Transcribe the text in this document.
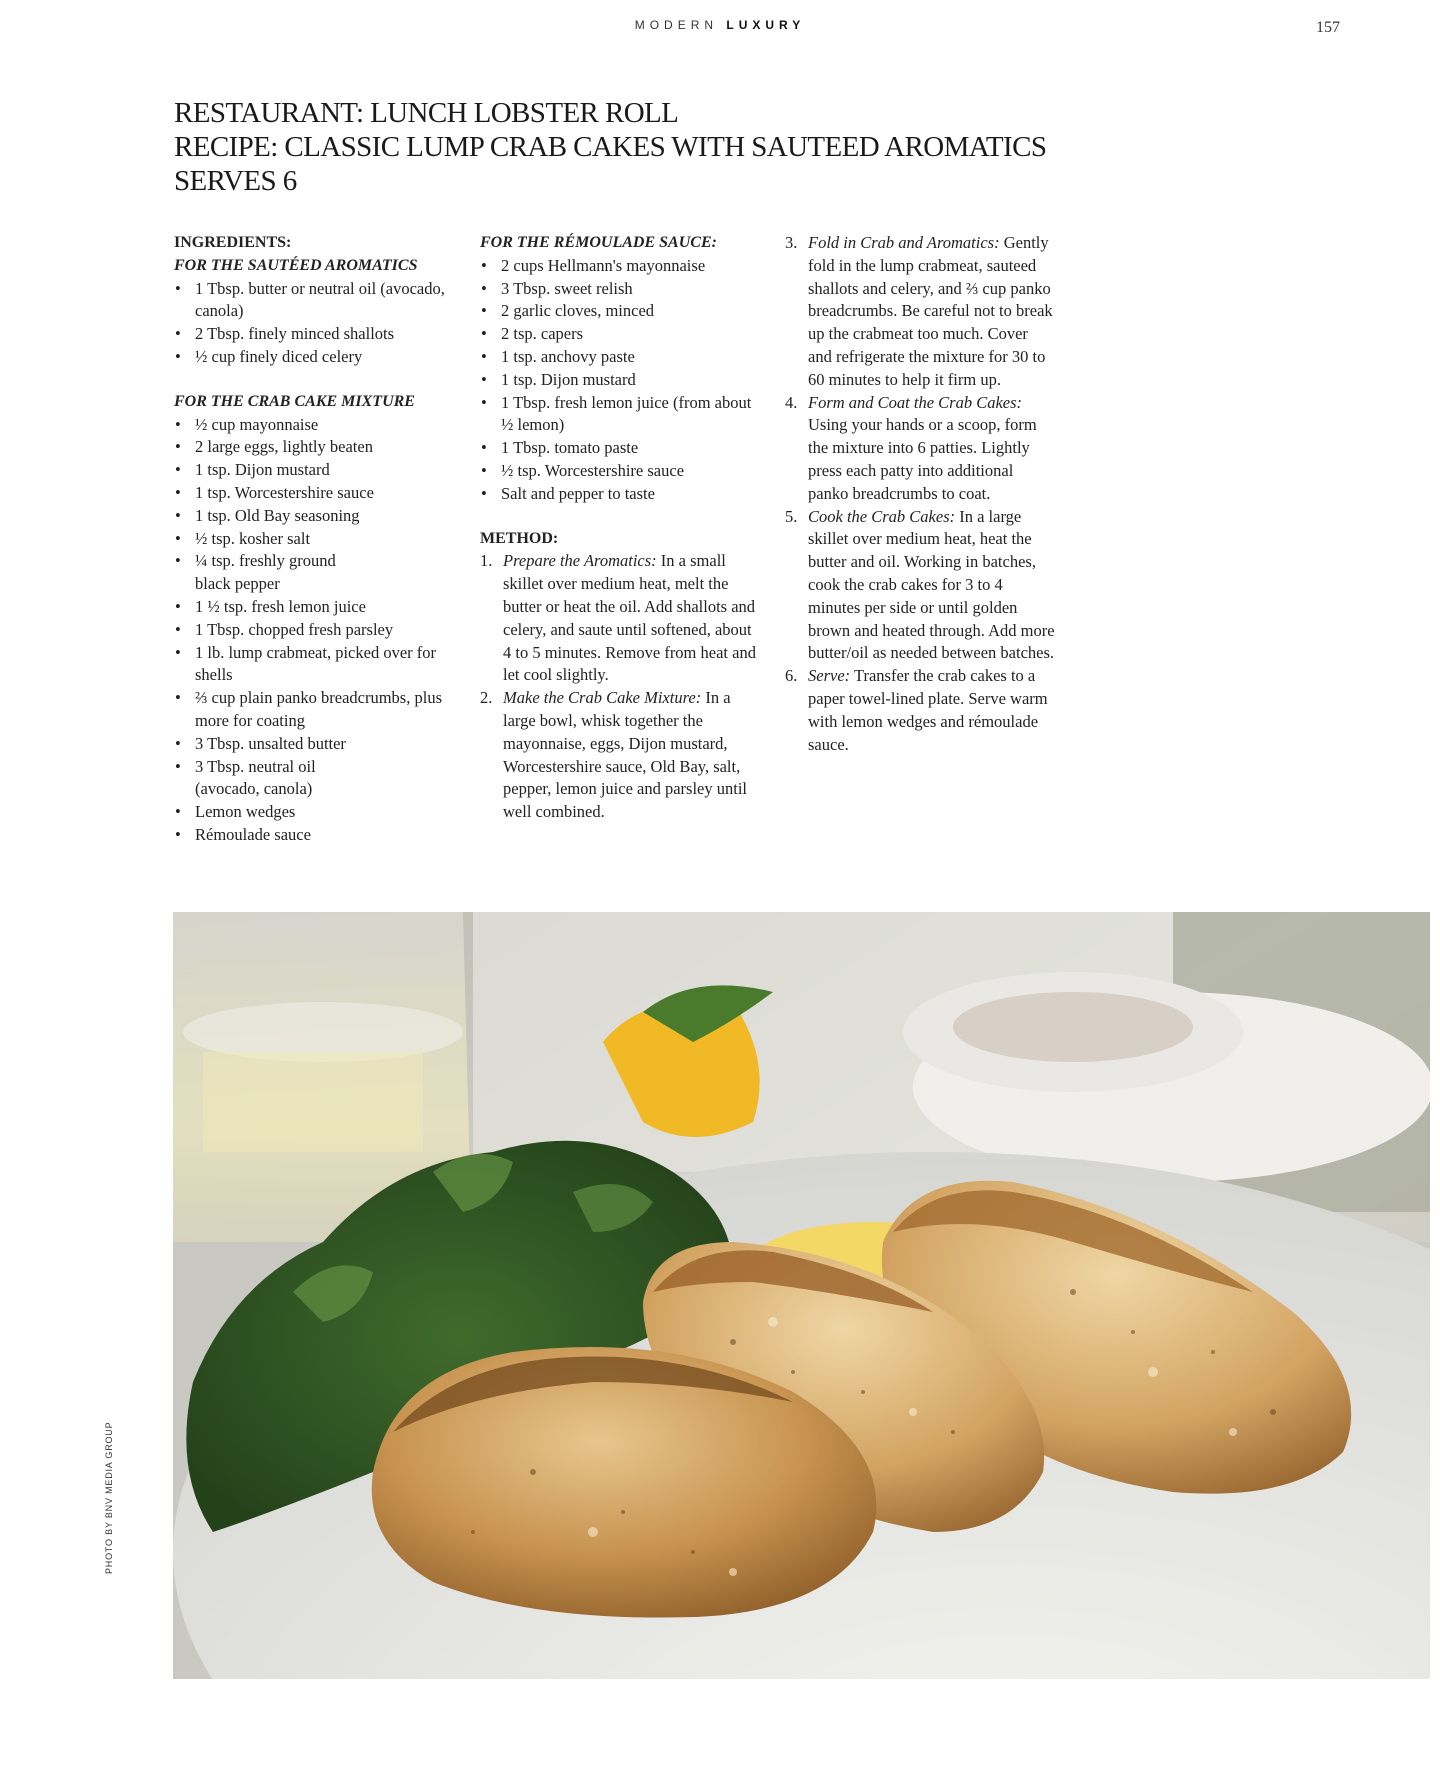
MODERN LUXURY	157
RESTAURANT: LUNCH LOBSTER ROLL
RECIPE: CLASSIC LUMP CRAB CAKES WITH SAUTEED AROMATICS
SERVES 6
INGREDIENTS:
FOR THE SAUTÉED AROMATICS
• 1 Tbsp. butter or neutral oil (avocado, canola)
• 2 Tbsp. finely minced shallots
• ½ cup finely diced celery
FOR THE CRAB CAKE MIXTURE
• ½ cup mayonnaise
• 2 large eggs, lightly beaten
• 1 tsp. Dijon mustard
• 1 tsp. Worcestershire sauce
• 1 tsp. Old Bay seasoning
• ½ tsp. kosher salt
• ¼ tsp. freshly ground black pepper
• 1 ½ tsp. fresh lemon juice
• 1 Tbsp. chopped fresh parsley
• 1 lb. lump crabmeat, picked over for shells
• ⅔ cup plain panko breadcrumbs, plus more for coating
• 3 Tbsp. unsalted butter
• 3 Tbsp. neutral oil (avocado, canola)
• Lemon wedges
• Rémoulade sauce
FOR THE RÉMOULADE SAUCE:
• 2 cups Hellmann's mayonnaise
• 3 Tbsp. sweet relish
• 2 garlic cloves, minced
• 2 tsp. capers
• 1 tsp. anchovy paste
• 1 tsp. Dijon mustard
• 1 Tbsp. fresh lemon juice (from about ½ lemon)
• 1 Tbsp. tomato paste
• ½ tsp. Worcestershire sauce
• Salt and pepper to taste
METHOD:
1. Prepare the Aromatics: In a small skillet over medium heat, melt the butter or heat the oil. Add shallots and celery, and saute until softened, about 4 to 5 minutes. Remove from heat and let cool slightly.
2. Make the Crab Cake Mixture: In a large bowl, whisk together the mayonnaise, eggs, Dijon mustard, Worcestershire sauce, Old Bay, salt, pepper, lemon juice and parsley until well combined.
3. Fold in Crab and Aromatics: Gently fold in the lump crabmeat, sauteed shallots and celery, and ⅔ cup panko breadcrumbs. Be careful not to break up the crabmeat too much. Cover and refrigerate the mixture for 30 to 60 minutes to help it firm up.
4. Form and Coat the Crab Cakes: Using your hands or a scoop, form the mixture into 6 patties. Lightly press each patty into additional panko breadcrumbs to coat.
5. Cook the Crab Cakes: In a large skillet over medium heat, heat the butter and oil. Working in batches, cook the crab cakes for 3 to 4 minutes per side or until golden brown and heated through. Add more butter/oil as needed between batches.
6. Serve: Transfer the crab cakes to a paper towel-lined plate. Serve warm with lemon wedges and rémoulade sauce.
PHOTO BY BNV MEDIA GROUP
